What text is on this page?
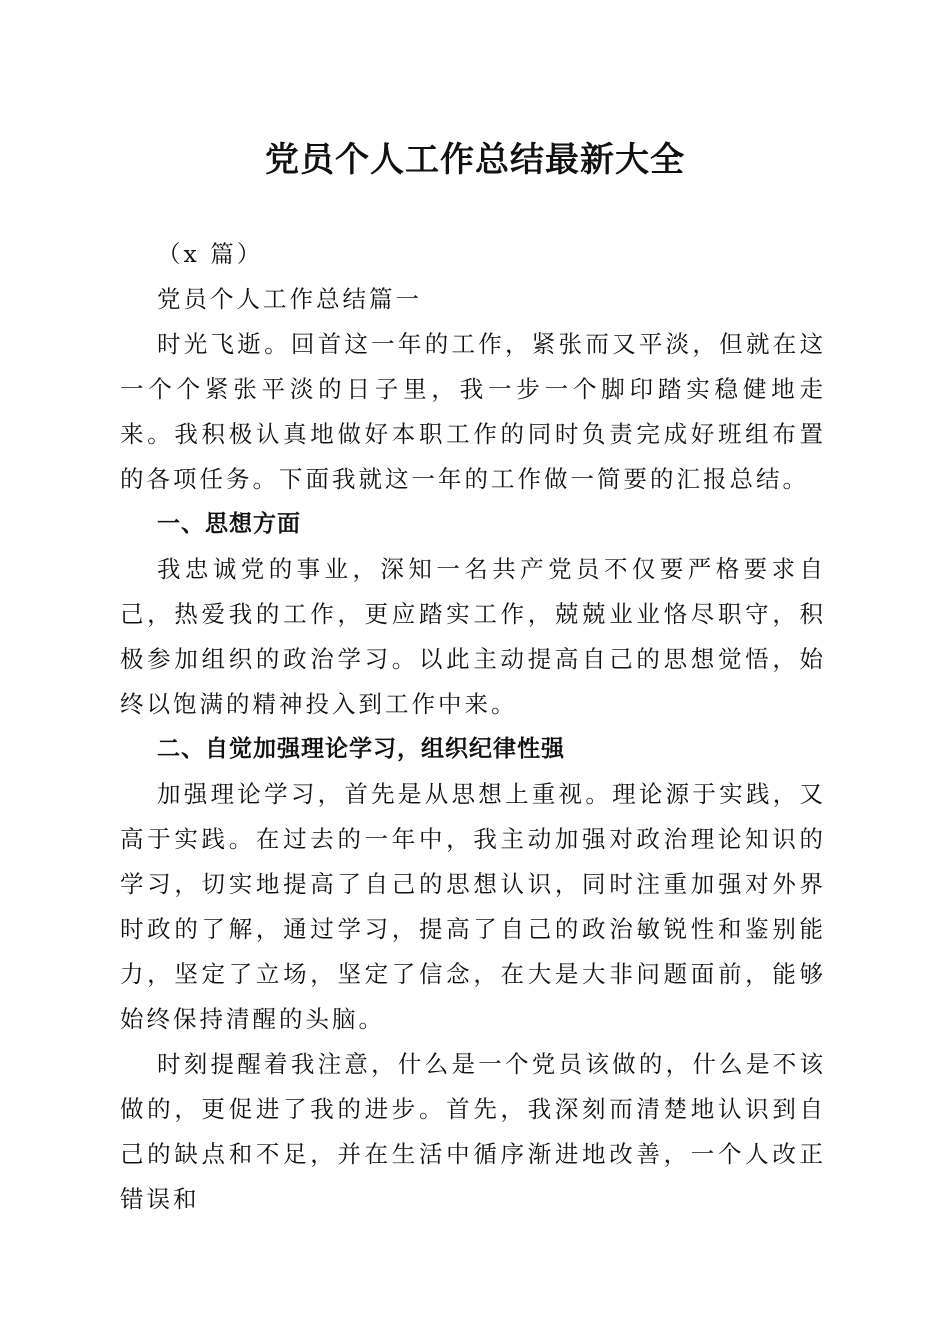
党员个人工作总结最新大全

（x 篇）

党员个人工作总结篇一

时光飞逝。回首这一年的工作，紧张而又平淡，但就在这一个个紧张平淡的日子里，我一步一个脚印踏实稳健地走来。我积极认真地做好本职工作的同时负责完成好班组布置的各项任务。下面我就这一年的工作做一简要的汇报总结。

一、思想方面

我忠诚党的事业，深知一名共产党员不仅要严格要求自己，热爱我的工作，更应踏实工作，兢兢业业恪尽职守，积极参加组织的政治学习。以此主动提高自己的思想觉悟，始终以饱满的精神投入到工作中来。

二、自觉加强理论学习，组织纪律性强

加强理论学习，首先是从思想上重视。理论源于实践，又高于实践。在过去的一年中，我主动加强对政治理论知识的学习，切实地提高了自己的思想认识，同时注重加强对外界时政的了解，通过学习，提高了自己的政治敏锐性和鉴别能力，坚定了立场，坚定了信念，在大是大非问题面前，能够始终保持清醒的头脑。

时刻提醒着我注意，什么是一个党员该做的，什么是不该做的，更促进了我的进步。首先，我深刻而清楚地认识到自己的缺点和不足，并在生活中循序渐进地改善，一个人改正错误和
